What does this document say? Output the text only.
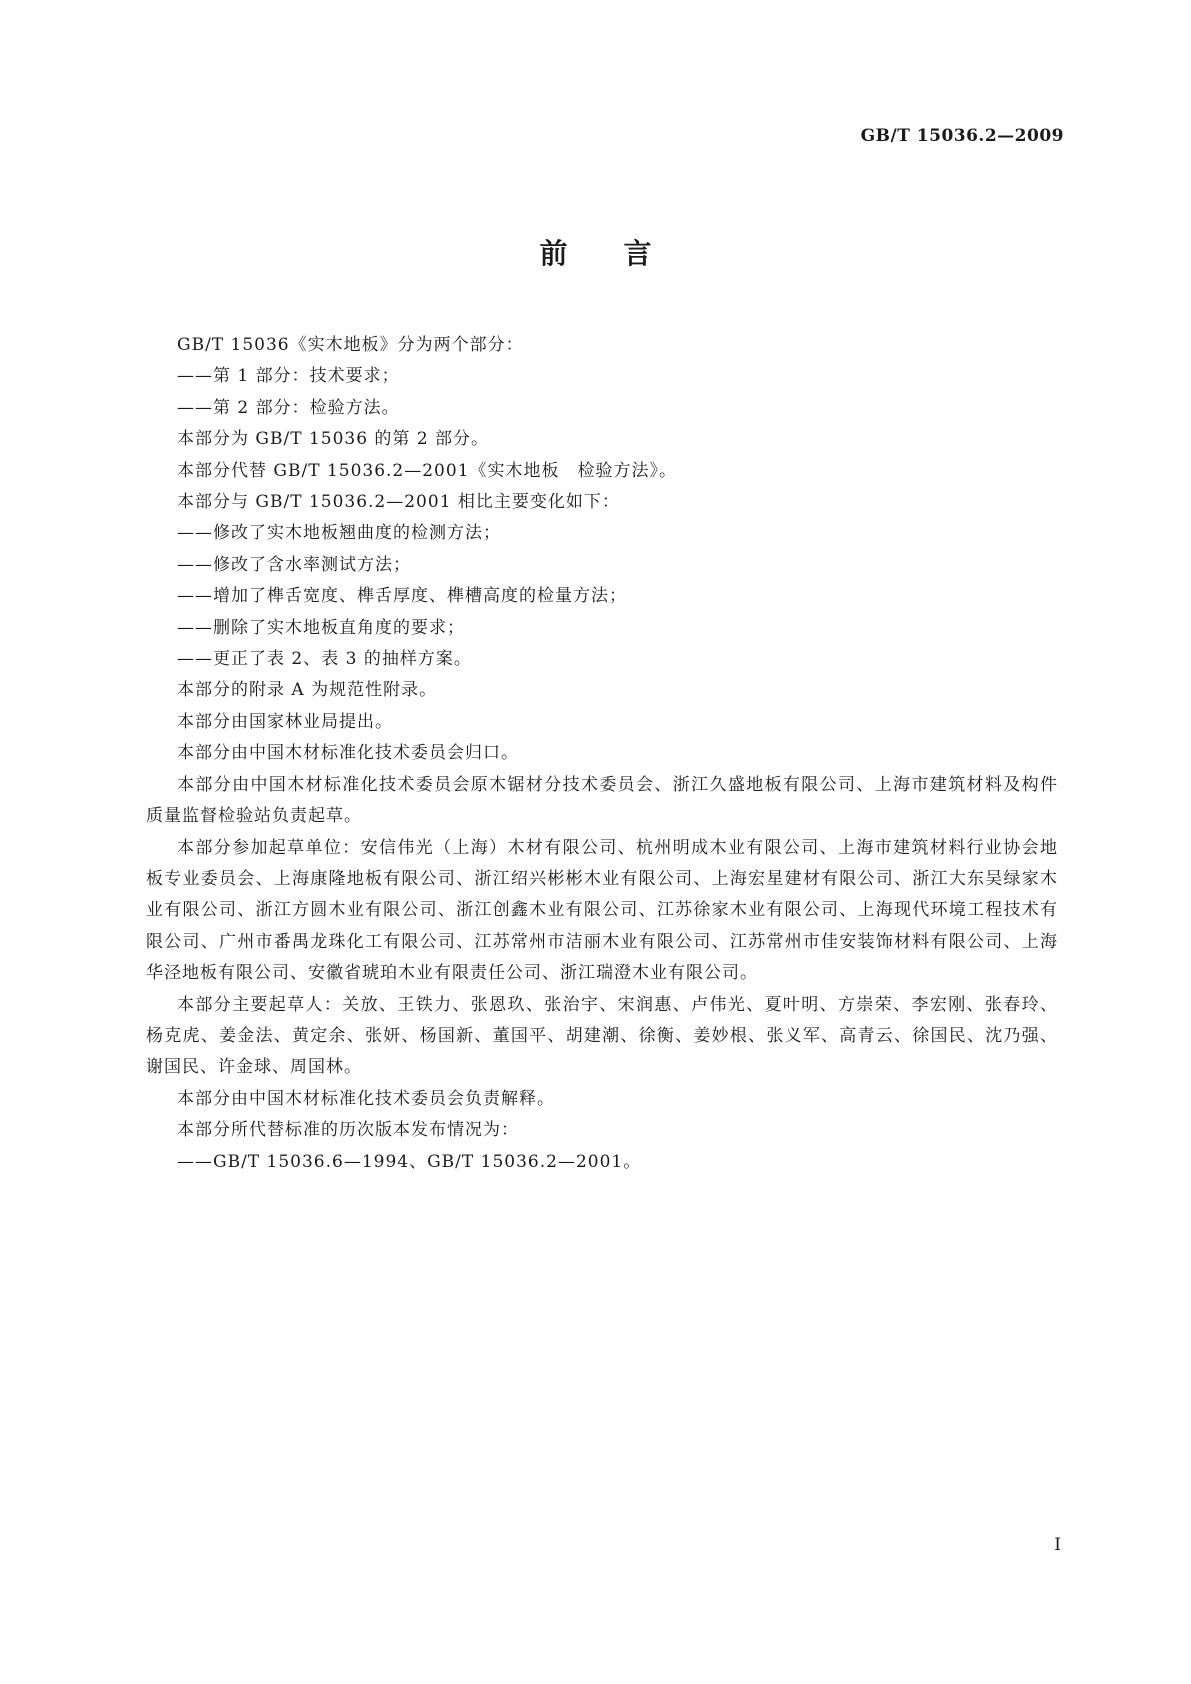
GB/T 15036.2—2009
前言

GB/T 15036《实木地板》分为两个部分：

——第 1 部分：技术要求；

——第 2 部分：检验方法。

本部分为 GB/T 15036 的第 2 部分。

本部分代替 GB/T 15036.2—2001《实木地板　检验方法》。

本部分与 GB/T 15036.2—2001 相比主要变化如下：

——修改了实木地板翘曲度的检测方法；

——修改了含水率测试方法；

——增加了榫舌宽度、榫舌厚度、榫槽高度的检量方法；

——删除了实木地板直角度的要求；

——更正了表 2、表 3 的抽样方案。

本部分的附录 A 为规范性附录。

本部分由国家林业局提出。

本部分由中国木材标准化技术委员会归口。

本部分由中国木材标准化技术委员会原木锯材分技术委员会、浙江久盛地板有限公司、上海市建筑材料及构件质量监督检验站负责起草。

本部分参加起草单位：安信伟光（上海）木材有限公司、杭州明成木业有限公司、上海市建筑材料行业协会地板专业委员会、上海康隆地板有限公司、浙江绍兴彬彬木业有限公司、上海宏星建材有限公司、浙江大东吴绿家木业有限公司、浙江方圆木业有限公司、浙江创鑫木业有限公司、江苏徐家木业有限公司、上海现代环境工程技术有限公司、广州市番禺龙珠化工有限公司、江苏常州市洁丽木业有限公司、江苏常州市佳安装饰材料有限公司、上海华泾地板有限公司、安徽省琥珀木业有限责任公司、浙江瑞澄木业有限公司。

本部分主要起草人：关放、王铁力、张恩玖、张治宇、宋润惠、卢伟光、夏叶明、方崇荣、李宏刚、张春玲、杨克虎、姜金法、黄定余、张妍、杨国新、董国平、胡建潮、徐衡、姜妙根、张义军、高青云、徐国民、沈乃强、谢国民、许金球、周国林。

本部分由中国木材标准化技术委员会负责解释。

本部分所代替标准的历次版本发布情况为：

——GB/T 15036.6—1994、GB/T 15036.2—2001。

I
